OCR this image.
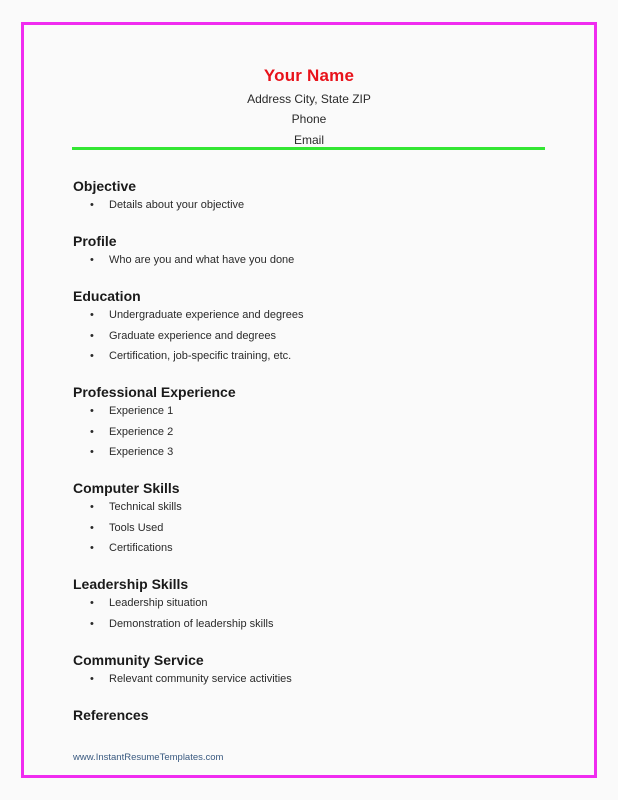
Your Name
Address City, State ZIP
Phone
Email
Objective
• Details about your objective
Profile
• Who are you and what have you done
Education
• Undergraduate experience and degrees
• Graduate experience and degrees
• Certification, job-specific training, etc.
Professional Experience
• Experience 1
• Experience 2
• Experience 3
Computer Skills
• Technical skills
• Tools Used
• Certifications
Leadership Skills
• Leadership situation
• Demonstration of leadership skills
Community Service
• Relevant community service activities
References
www.InstantResumeTemplates.com
